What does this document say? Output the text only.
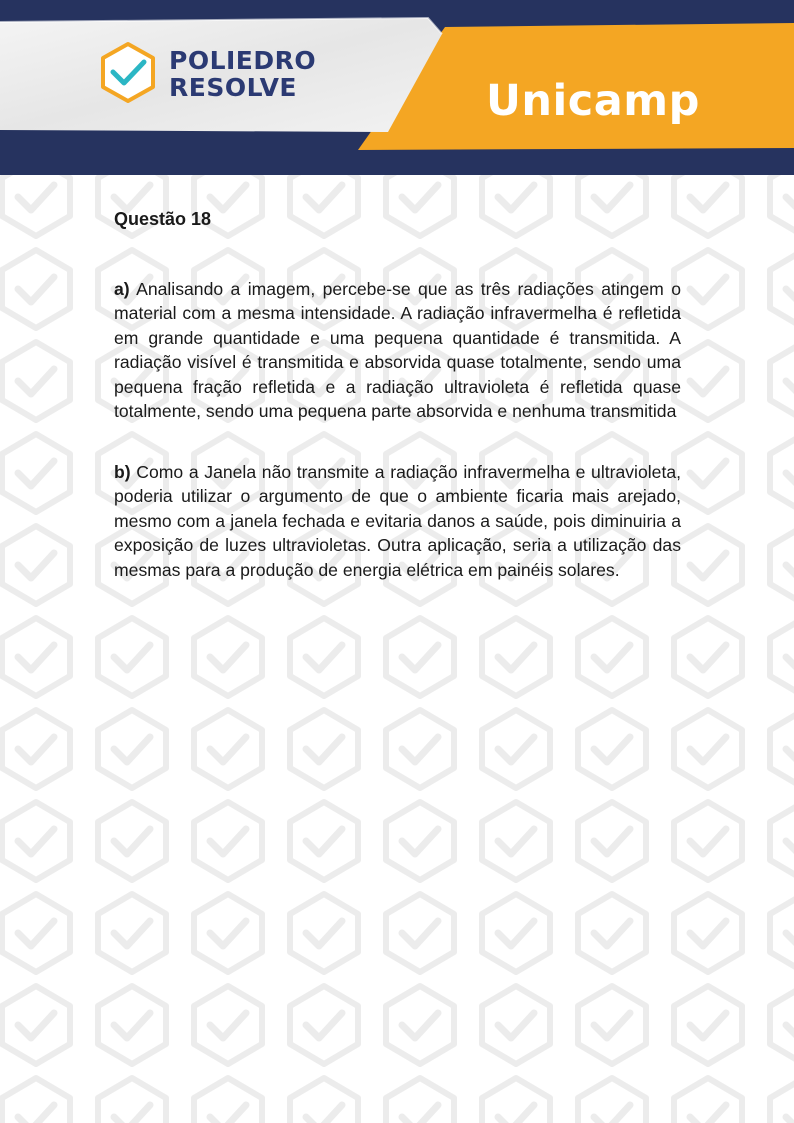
POLIEDRO
RESOLVE	Unicamp

Questão 18

a) Analisando a imagem, percebe-se que as três radiações atingem o material com a mesma intensidade. A radiação infravermelha é refletida em grande quantidade e uma pequena quantidade é transmitida. A radiação visível é transmitida e absorvida quase totalmente, sendo uma pequena fração refletida e a radiação ultravioleta é refletida quase totalmente, sendo uma pequena parte absorvida e nenhuma transmitida

b) Como a Janela não transmite a radiação infravermelha e ultravioleta, poderia utilizar o argumento de que o ambiente ficaria mais arejado, mesmo com a janela fechada e evitaria danos a saúde, pois diminuiria a exposição de luzes ultravioletas. Outra aplicação, seria a utilização das mesmas para a produção de energia elétrica em painéis solares.
